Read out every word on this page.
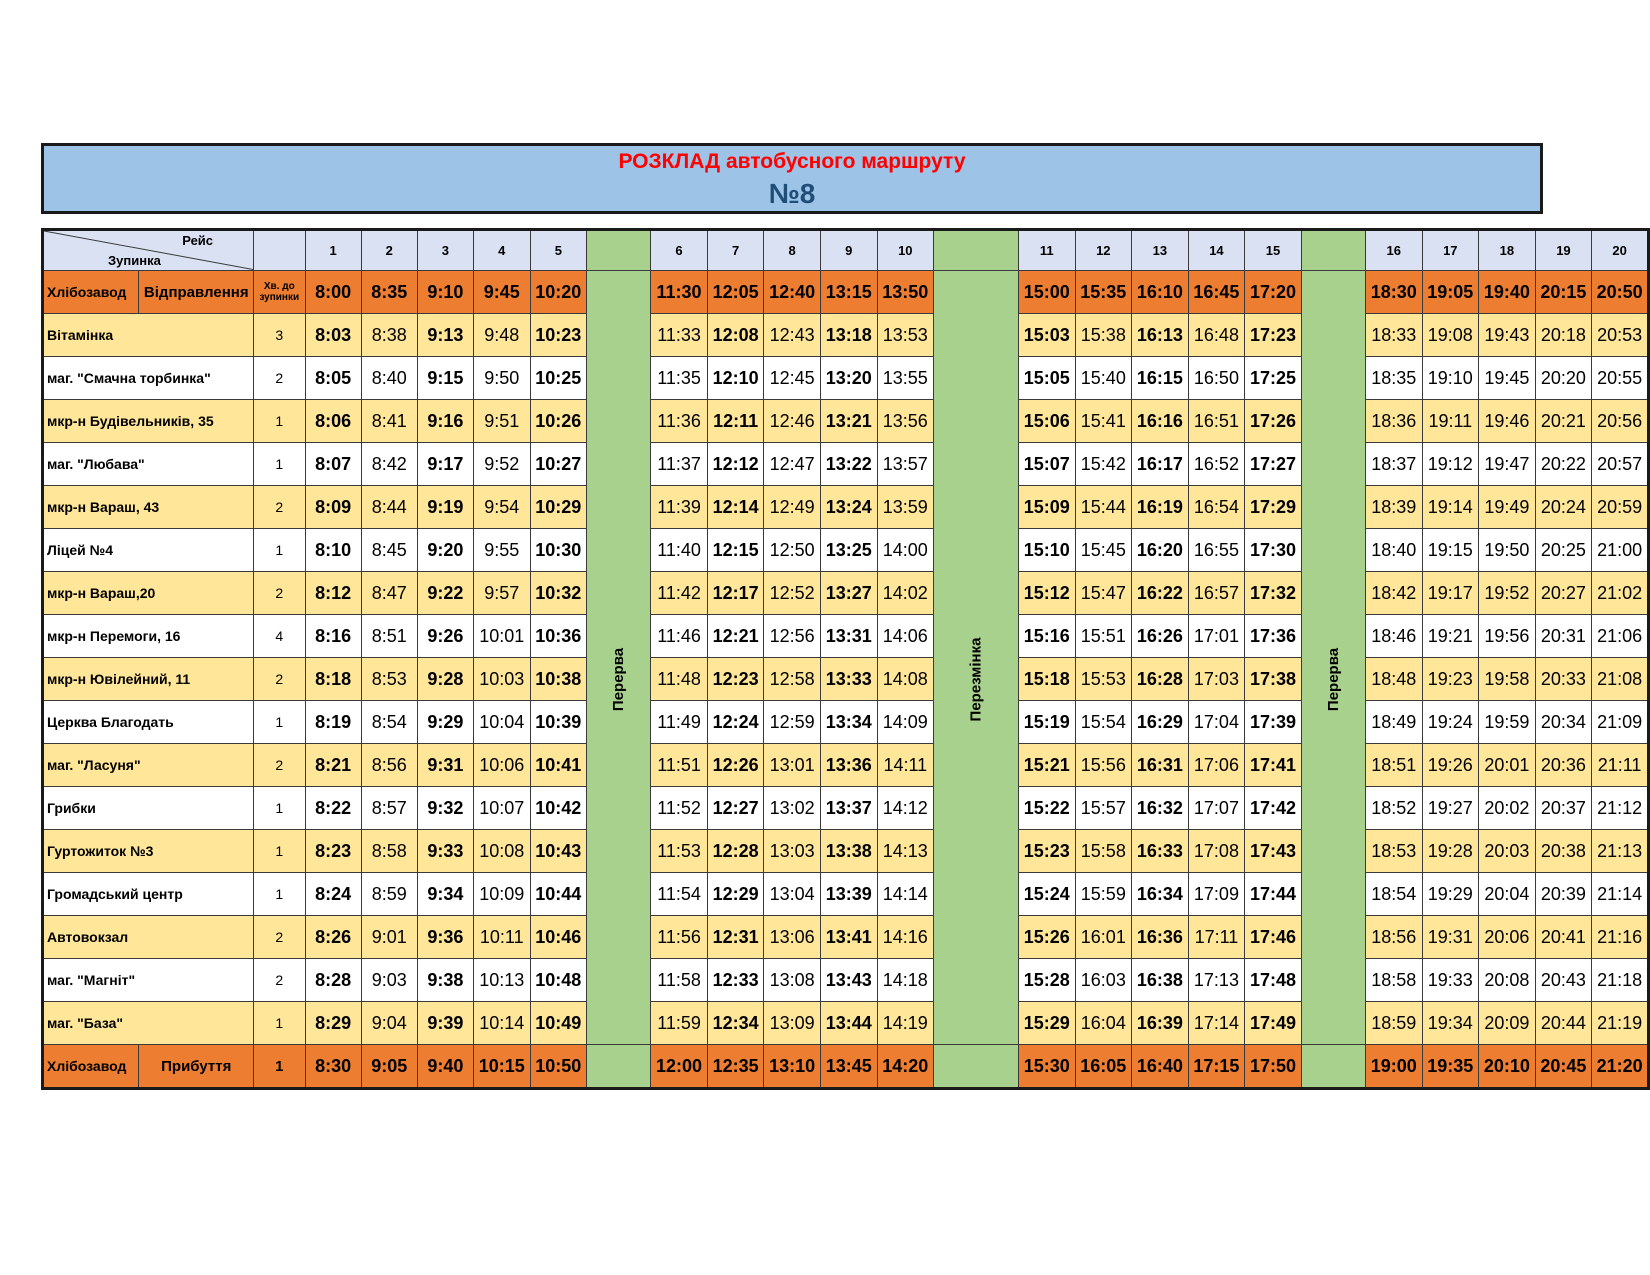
РОЗКЛАД автобусного маршруту
№8
Рейс
Зупинка			1	2	3	4	5		6	7	8	9	10		11	12	13	14	15		16	17	18	19	20
Хлібозавод	Відправлення	Хв. до зупинки	8:00	8:35	9:10	9:45	10:20		11:30	12:05	12:40	13:15	13:50		15:00	15:35	16:10	16:45	17:20		18:30	19:05	19:40	20:15	20:50
Вітамінка		3	8:03	8:38	9:13	9:48	10:23	Перерва	11:33	12:08	12:43	13:18	13:53	Перезмінка	15:03	15:38	16:13	16:48	17:23	Перерва	18:33	19:08	19:43	20:18	20:53
маг. "Смачна торбинка"		2	8:05	8:40	9:15	9:50	10:25		11:35	12:10	12:45	13:20	13:55		15:05	15:40	16:15	16:50	17:25		18:35	19:10	19:45	20:20	20:55
мкр-н Будівельників, 35		1	8:06	8:41	9:16	9:51	10:26		11:36	12:11	12:46	13:21	13:56		15:06	15:41	16:16	16:51	17:26		18:36	19:11	19:46	20:21	20:56
маг. "Любава"		1	8:07	8:42	9:17	9:52	10:27		11:37	12:12	12:47	13:22	13:57		15:07	15:42	16:17	16:52	17:27		18:37	19:12	19:47	20:22	20:57
мкр-н Вараш, 43		2	8:09	8:44	9:19	9:54	10:29		11:39	12:14	12:49	13:24	13:59		15:09	15:44	16:19	16:54	17:29		18:39	19:14	19:49	20:24	20:59
Ліцей №4		1	8:10	8:45	9:20	9:55	10:30		11:40	12:15	12:50	13:25	14:00		15:10	15:45	16:20	16:55	17:30		18:40	19:15	19:50	20:25	21:00
мкр-н Вараш,20		2	8:12	8:47	9:22	9:57	10:32		11:42	12:17	12:52	13:27	14:02		15:12	15:47	16:22	16:57	17:32		18:42	19:17	19:52	20:27	21:02
мкр-н Перемоги, 16		4	8:16	8:51	9:26	10:01	10:36		11:46	12:21	12:56	13:31	14:06		15:16	15:51	16:26	17:01	17:36		18:46	19:21	19:56	20:31	21:06
мкр-н Ювілейний, 11		2	8:18	8:53	9:28	10:03	10:38		11:48	12:23	12:58	13:33	14:08		15:18	15:53	16:28	17:03	17:38		18:48	19:23	19:58	20:33	21:08
Церква Благодать		1	8:19	8:54	9:29	10:04	10:39		11:49	12:24	12:59	13:34	14:09		15:19	15:54	16:29	17:04	17:39		18:49	19:24	19:59	20:34	21:09
маг. "Ласуня"		2	8:21	8:56	9:31	10:06	10:41		11:51	12:26	13:01	13:36	14:11		15:21	15:56	16:31	17:06	17:41		18:51	19:26	20:01	20:36	21:11
Грибки		1	8:22	8:57	9:32	10:07	10:42		11:52	12:27	13:02	13:37	14:12		15:22	15:57	16:32	17:07	17:42		18:52	19:27	20:02	20:37	21:12
Гуртожиток №3		1	8:23	8:58	9:33	10:08	10:43		11:53	12:28	13:03	13:38	14:13		15:23	15:58	16:33	17:08	17:43		18:53	19:28	20:03	20:38	21:13
Громадський центр		1	8:24	8:59	9:34	10:09	10:44		11:54	12:29	13:04	13:39	14:14		15:24	15:59	16:34	17:09	17:44		18:54	19:29	20:04	20:39	21:14
Автовокзал		2	8:26	9:01	9:36	10:11	10:46		11:56	12:31	13:06	13:41	14:16		15:26	16:01	16:36	17:11	17:46		18:56	19:31	20:06	20:41	21:16
маг. "Магніт"		2	8:28	9:03	9:38	10:13	10:48		11:58	12:33	13:08	13:43	14:18		15:28	16:03	16:38	17:13	17:48		18:58	19:33	20:08	20:43	21:18
маг. "База"		1	8:29	9:04	9:39	10:14	10:49		11:59	12:34	13:09	13:44	14:19		15:29	16:04	16:39	17:14	17:49		18:59	19:34	20:09	20:44	21:19
Хлібозавод	Прибуття	1	8:30	9:05	9:40	10:15	10:50		12:00	12:35	13:10	13:45	14:20		15:30	16:05	16:40	17:15	17:50		19:00	19:35	20:10	20:45	21:20
